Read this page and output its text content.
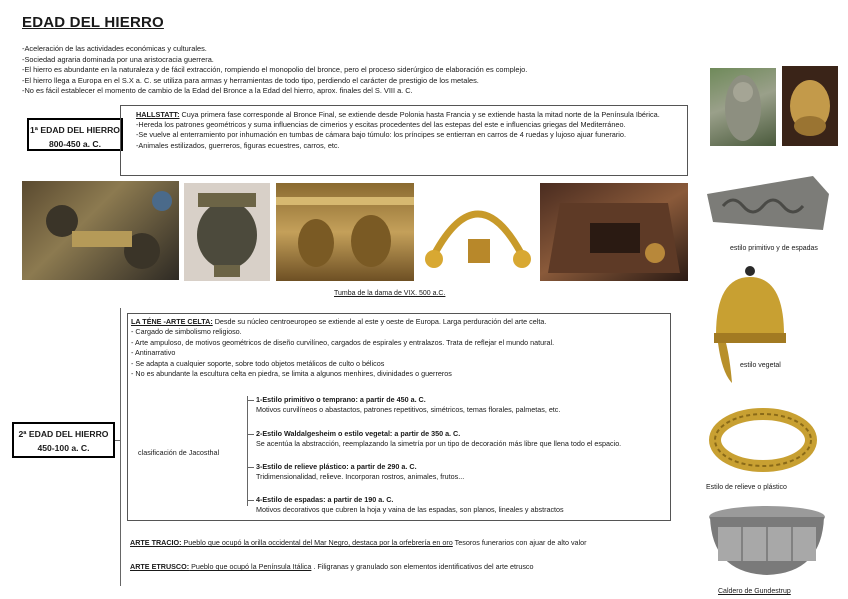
EDAD DEL HIERRO
-Aceleración de las actividades económicas y culturales.
-Sociedad agraria dominada por una aristocracia guerrera.
-El hierro es abundante en la naturaleza y de fácil extracción, rompiendo el monopolio del bronce, pero el proceso siderúrgico de elaboración es complejo.
-El hierro llega a Europa en el S.X a. C. se utiliza para armas y herramientas de todo tipo, perdiendo el carácter de prestigio de los metales.
-No es fácil establecer el momento de cambio de la Edad del Bronce a la Edad del hierro, aprox. finales del S. VIII a. C.
1ª EDAD DEL HIERRO
800-450 a. C.
HALLSTATT: Cuya primera fase corresponde al Bronce Final, se extiende desde Polonia hasta Francia y se extiende hasta la mitad norte de la Península Ibérica.
-Hereda los patrones geométricos y suma influencias de cimerios y escitas procedentes del las estepas del este e influencias griegas del Mediterráneo.
-Se vuelve al enterramiento por inhumación en tumbas de cámara bajo túmulo: los príncipes se entierran en carros de 4 ruedas y lujoso ajuar funerario.
-Animales estilizados, guerreros, figuras ecuestres, carros, etc.
estilo primitivo y de espadas
Tumba de la dama de VIX. 500 a.C.
estilo vegetal
Estilo de relieve o plástico
Caldero de Gundestrup
2ª EDAD DEL HIERRO
450-100 a. C.
LA TÉNE -ARTE CELTA: Desde su núcleo centroeuropeo se extiende al este y oeste de Europa. Larga perduración del arte celta.
- Cargado de simbolismo religioso.
- Arte ampuloso, de motivos geométricos de diseño curvilíneo, cargados de espirales y entralazos. Trata de reflejar el mundo natural.
- Antinarrativo
- Se adapta a cualquier soporte, sobre todo objetos metálicos de culto o bélicos
- No es abundante la escultura celta en piedra, se limita a algunos menhires, divinidades o guerreros
clasificación de Jacosthal
1-Estilo primitivo o temprano: a partir de 450 a. C.
Motivos curvilíneos o abastactos, patrones repetitivos, simétricos, temas florales, palmetas, etc.
2-Estilo Waldalgesheim o estilo vegetal: a partir de 350 a. C.
Se acentúa la abstracción, reemplazando la simetría por un tipo de decoración más libre que llena todo el espacio.
3-Estilo de relieve plástico: a partir de 290 a. C.
Tridimensionalidad, relieve. Incorporan rostros, animales, frutos...
4-Estilo de espadas: a partir de 190 a. C.
Motivos decorativos que cubren la hoja y vaina de las espadas, son planos, lineales y abstractos
ARTE TRACIO: Pueblo que ocupó la orilla occidental del Mar Negro, destaca por la orfebrería en oro Tesoros funerarios con ajuar de alto valor
ARTE ETRUSCO: Pueblo que ocupó la Península Itálica . Filigranas y granulado son elementos identificativos del arte etrusco
